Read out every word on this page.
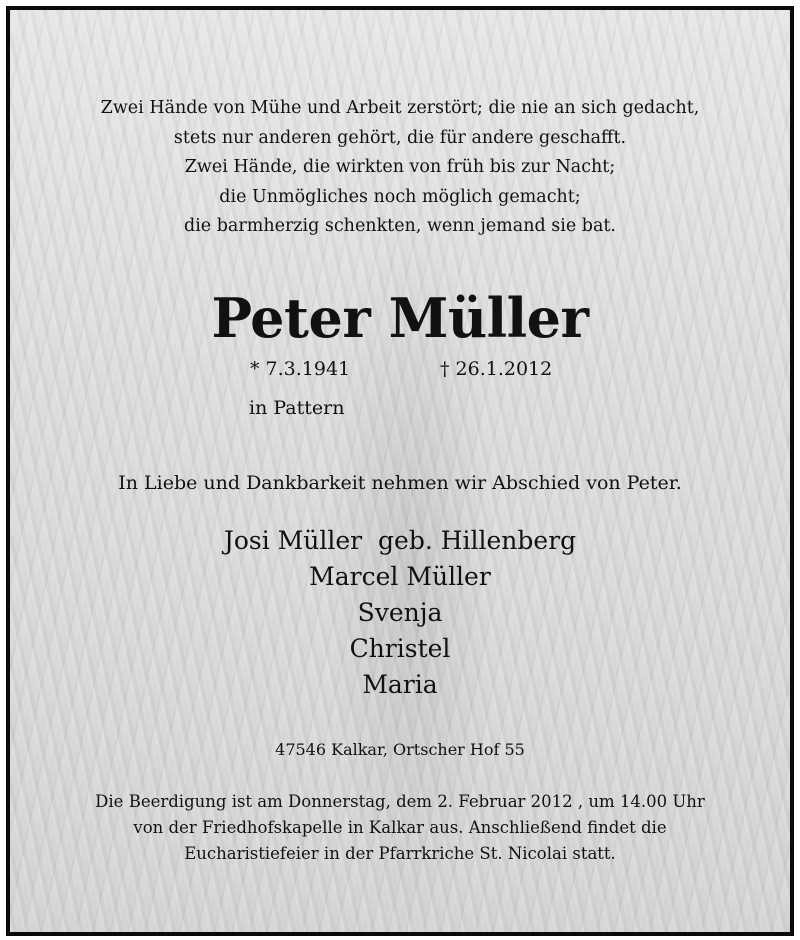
Zwei Hände von Mühe und Arbeit zerstört; die nie an sich gedacht,
stets nur anderen gehört, die für andere geschafft.
Zwei Hände, die wirkten von früh bis zur Nacht;
die Unmögliches noch möglich gemacht;
die barmherzig schenkten, wenn jemand sie bat.
Peter Müller
* 7.3.1941	† 26.1.2012
in Pattern
In Liebe und Dankbarkeit nehmen wir Abschied von Peter.
Josi Müller  geb. Hillenberg
Marcel Müller
Svenja
Christel
Maria
47546 Kalkar, Ortscher Hof 55
Die Beerdigung ist am Donnerstag, dem 2. Februar 2012 , um 14.00 Uhr
von der Friedhofskapelle in Kalkar aus. Anschließend findet die
Eucharistiefeier in der Pfarrkriche St. Nicolai statt.
